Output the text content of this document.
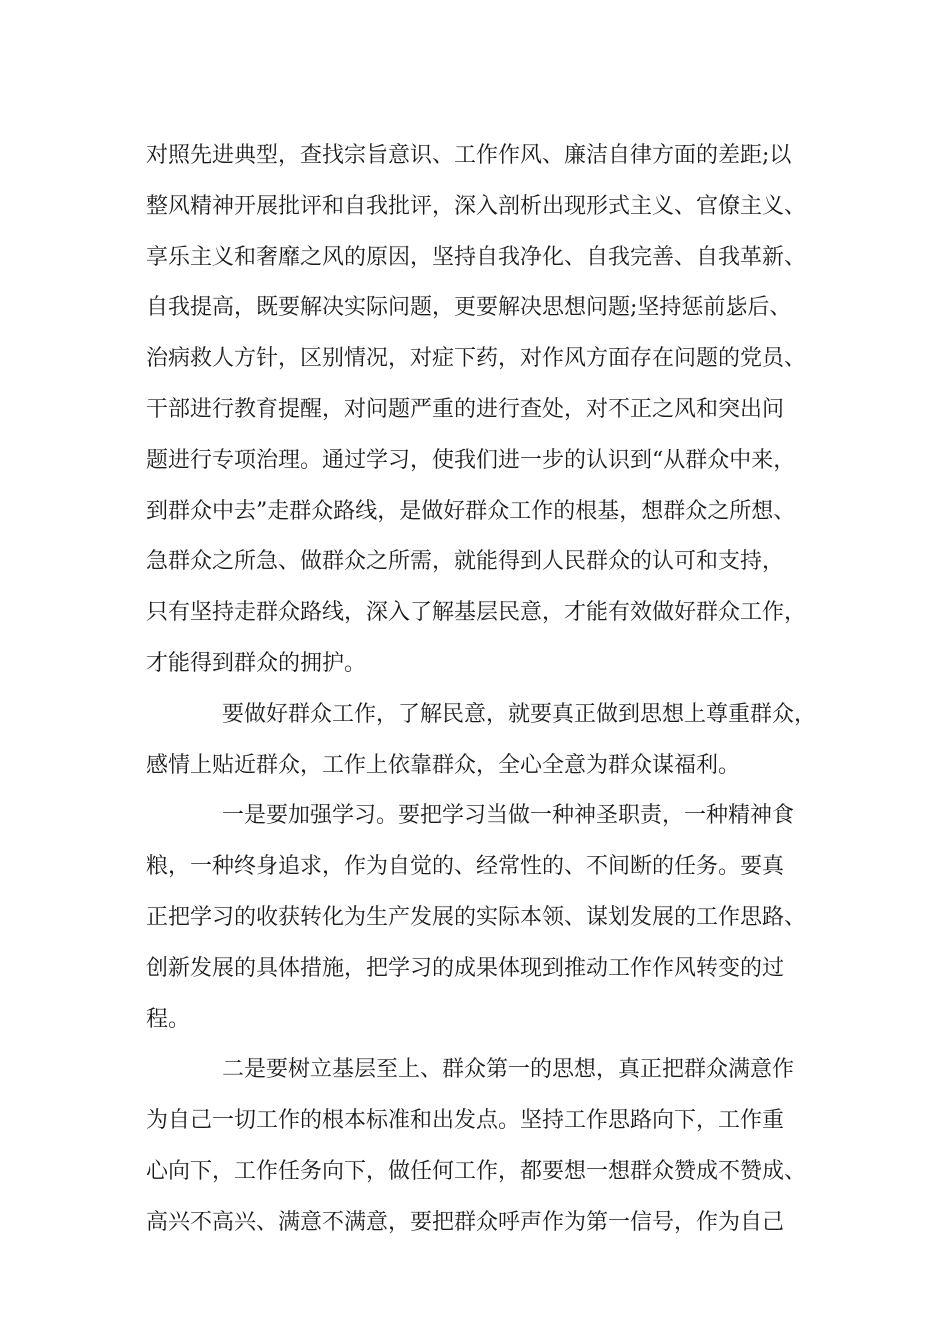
对照先进典型，查找宗旨意识、工作作风、廉洁自律方面的差距;以
整风精神开展批评和自我批评，深入剖析出现形式主义、官僚主义、
享乐主义和奢靡之风的原因，坚持自我净化、自我完善、自我革新、
自我提高，既要解决实际问题，更要解决思想问题;坚持惩前毖后、
治病救人方针，区别情况，对症下药，对作风方面存在问题的党员、
干部进行教育提醒，对问题严重的进行查处，对不正之风和突出问
题进行专项治理。通过学习，使我们进一步的认识到“从群众中来，
到群众中去”走群众路线，是做好群众工作的根基，想群众之所想、
急群众之所急、做群众之所需，就能得到人民群众的认可和支持，
只有坚持走群众路线，深入了解基层民意，才能有效做好群众工作，
才能得到群众的拥护。
要做好群众工作，了解民意，就要真正做到思想上尊重群众，
感情上贴近群众，工作上依靠群众，全心全意为群众谋福利。
一是要加强学习。要把学习当做一种神圣职责，一种精神食
粮，一种终身追求，作为自觉的、经常性的、不间断的任务。要真
正把学习的收获转化为生产发展的实际本领、谋划发展的工作思路、
创新发展的具体措施，把学习的成果体现到推动工作作风转变的过
程。
二是要树立基层至上、群众第一的思想，真正把群众满意作
为自己一切工作的根本标准和出发点。坚持工作思路向下，工作重
心向下，工作任务向下，做任何工作，都要想一想群众赞成不赞成、
高兴不高兴、满意不满意，要把群众呼声作为第一信号，作为自己
